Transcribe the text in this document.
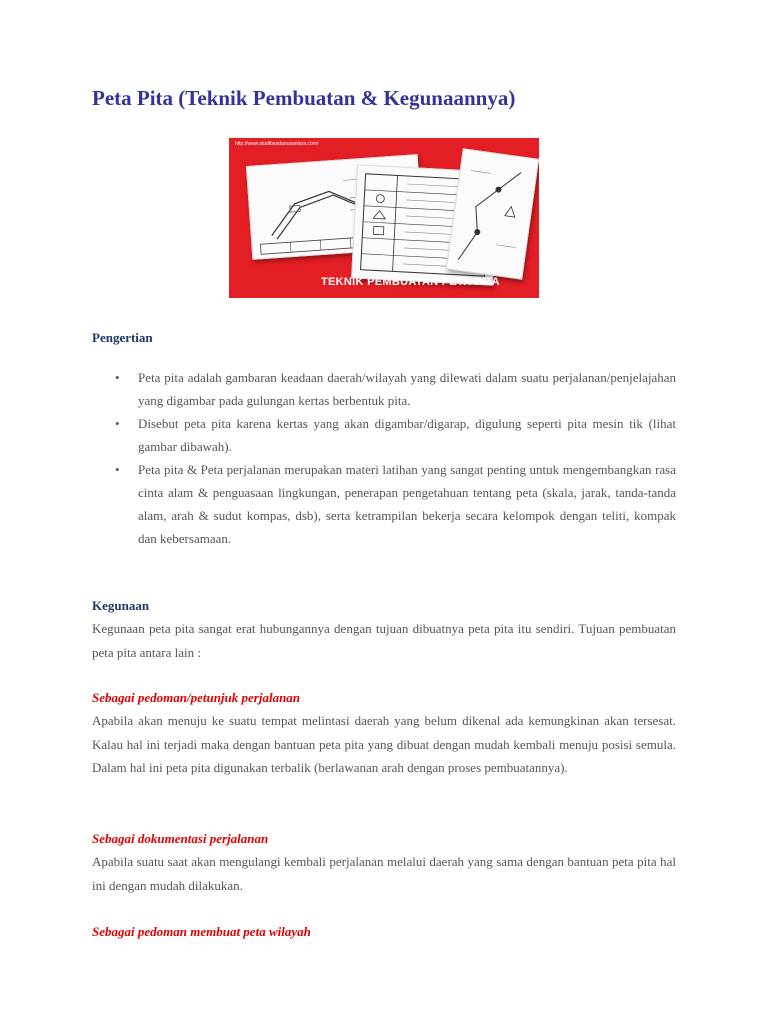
Peta Pita (Teknik Pembuatan & Kegunaannya)
http://www.studibandanusantara.com/
TEKNIK PEMBUATAN PETA PITA
Pengertian
• Peta pita adalah gambaran keadaan daerah/wilayah yang dilewati dalam suatu perjalanan/penjelajahan yang digambar pada gulungan kertas berbentuk pita.
• Disebut peta pita karena kertas yang akan digambar/digarap, digulung seperti pita mesin tik (lihat gambar dibawah).
• Peta pita & Peta perjalanan merupakan materi latihan yang sangat penting untuk mengembangkan rasa cinta alam & penguasaan lingkungan, penerapan pengetahuan tentang peta (skala, jarak, tanda-tanda alam, arah & sudut kompas, dsb), serta ketrampilan bekerja secara kelompok dengan teliti, kompak dan kebersamaan.
Kegunaan

Kegunaan peta pita sangat erat hubungannya dengan tujuan dibuatnya peta pita itu sendiri. Tujuan pembuatan peta pita antara lain :

Sebagai pedoman/petunjuk perjalanan

Apabila akan menuju ke suatu tempat melintasi daerah yang belum dikenal ada kemungkinan akan tersesat. Kalau hal ini terjadi maka dengan bantuan peta pita yang dibuat dengan mudah kembali menuju posisi semula. Dalam hal ini peta pita digunakan terbalik (berlawanan arah dengan proses pembuatannya).

Sebagai dokumentasi perjalanan

Apabila suatu saat akan mengulangi kembali perjalanan melalui daerah yang sama dengan bantuan peta pita hal ini dengan mudah dilakukan.

Sebagai pedoman membuat peta wilayah
